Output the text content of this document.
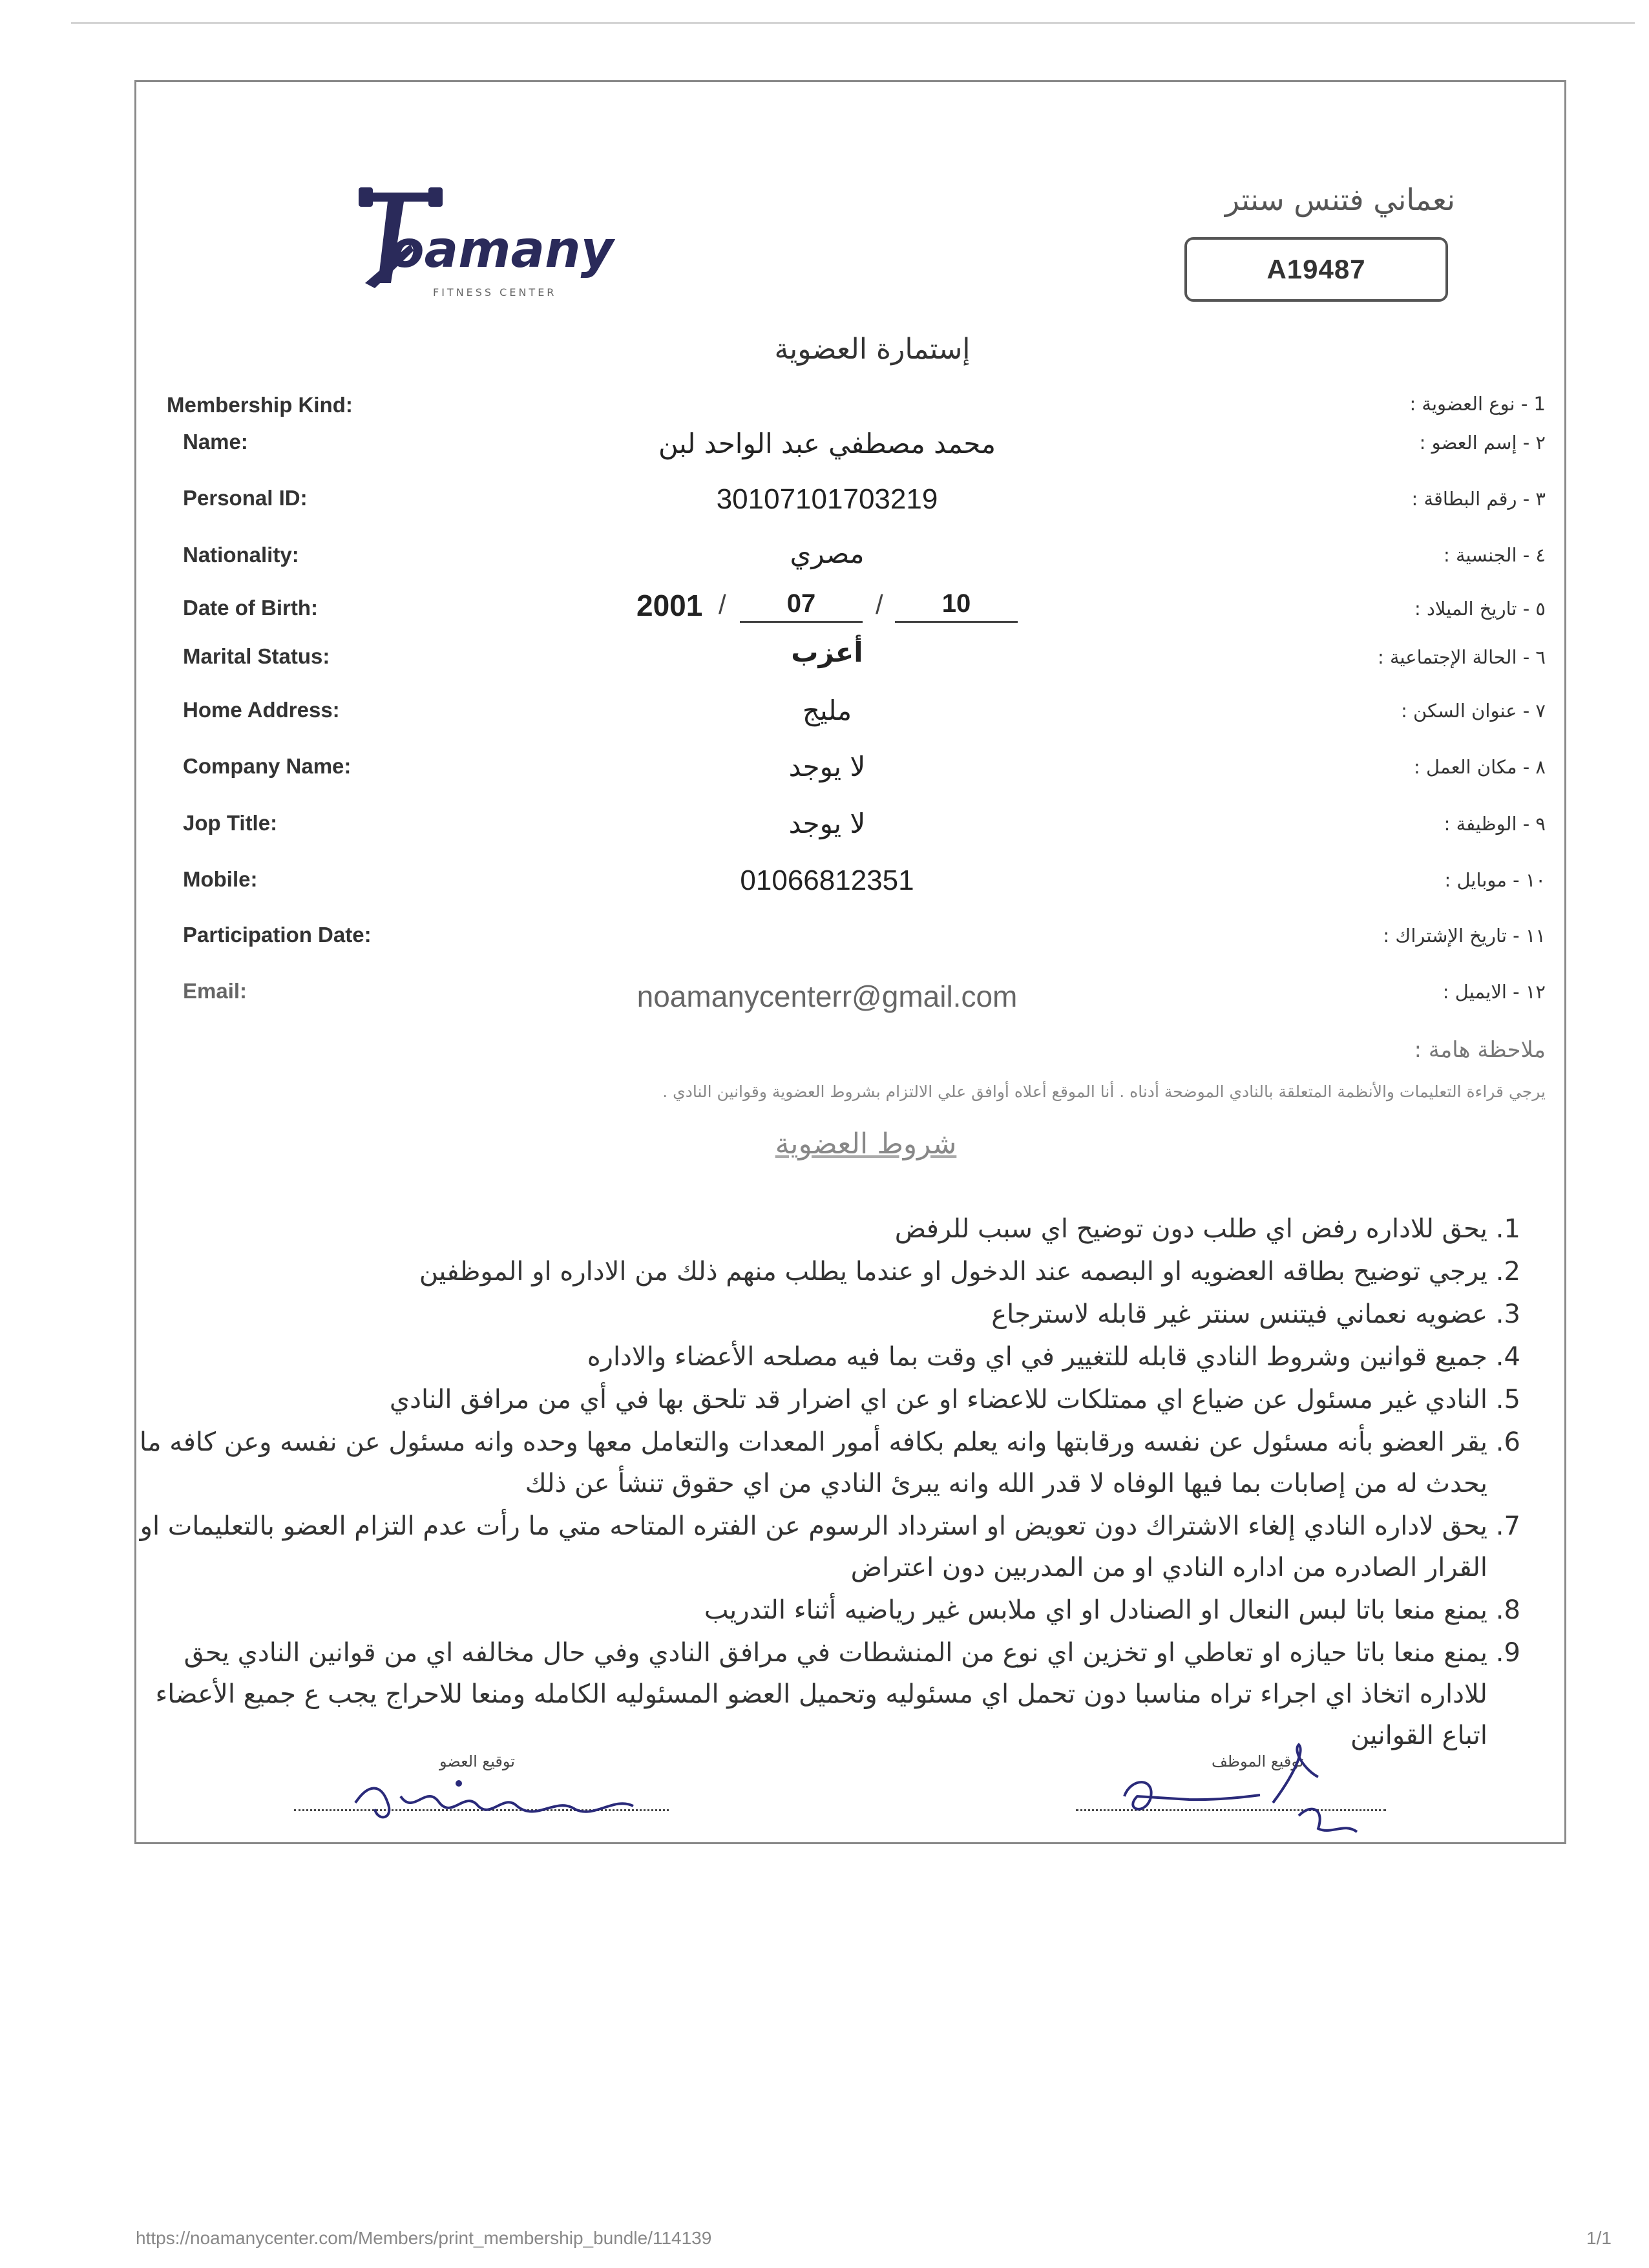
oamany
FITNESS CENTER
نعماني فتنس سنتر
A19487
إستمارة العضوية
Membership Kind:	1 - نوع العضوية :
Name:	٢ - إسم العضو :
محمد مصطفي عبد الواحد لبن
Personal ID:	٣ - رقم البطاقة :
30107101703219
Nationality:	٤ - الجنسية :
مصري
Date of Birth:	٥ - تاريخ الميلاد :
2001 /	07	/	10
Marital Status:	٦ - الحالة الإجتماعية :
أعزب
Home Address:	٧ - عنوان السكن :
مليج
Company Name:	٨ - مكان العمل :
لا يوجد
Jop Title:	٩ - الوظيفة :
لا يوجد
Mobile:	١٠ - موبايل :
01066812351
Participation Date:	١١ - تاريخ الإشتراك :
Email:	١٢ - الايميل :
noamanycenterr@gmail.com
ملاحظة هامة :
يرجي قراءة التعليمات والأنظمة المتعلقة بالنادي الموضحة أدناه . أنا الموقع أعلاه أوافق علي الالتزام بشروط العضوية وقوانين النادي .
شروط العضوية
1. يحق للاداره رفض اي طلب دون توضيح اي سبب للرفض
2. يرجي توضيح بطاقه العضويه او البصمه عند الدخول او عندما يطلب منهم ذلك من الاداره او الموظفين
3. عضويه نعماني فيتنس سنتر غير قابله لاسترجاع
4. جميع قوانين وشروط النادي قابله للتغيير في اي وقت بما فيه مصلحه الأعضاء والاداره
5. النادي غير مسئول عن ضياع اي ممتلكات للاعضاء او عن اي اضرار قد تلحق بها في أي من مرافق النادي
6. يقر العضو بأنه مسئول عن نفسه ورقابتها وانه يعلم بكافه أمور المعدات والتعامل معها وحده وانه مسئول عن نفسه وعن كافه ما يحدث له من إصابات بما فيها الوفاه لا قدر الله وانه يبرئ النادي من اي حقوق تنشأ عن ذلك
7. يحق لاداره النادي إلغاء الاشتراك دون تعويض او استرداد الرسوم عن الفتره المتاحه متي ما رأت عدم التزام العضو بالتعليمات او القرار الصادره من اداره النادي او من المدربين دون اعتراض
8. يمنع منعا باتا لبس النعال او الصنادل او اي ملابس غير رياضيه أثناء التدريب
9. يمنع منعا باتا حيازه او تعاطي او تخزين اي نوع من المنشطات في مرافق النادي وفي حال مخالفه اي من قوانين النادي يحق للاداره اتخاذ اي اجراء تراه مناسبا دون تحمل اي مسئوليه وتحميل العضو المسئوليه الكامله ومنعا للاحراج يجب ع جميع الأعضاء اتباع القوانين
توقيع العضو	توقيع الموظف
https://noamanycenter.com/Members/print_membership_bundle/114139	1/1
